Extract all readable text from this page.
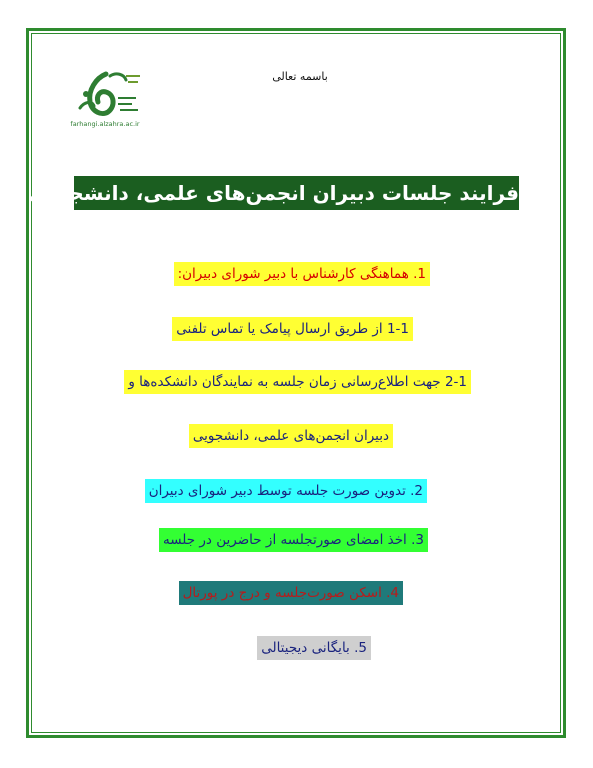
farhangi.alzahra.ac.ir
باسمه تعالی
فرایند جلسات دبیران انجمن‌های علمی، دانشجویی
1. هماهنگی کارشناس با دبیر شورای دبیران:
1-1 از طریق ارسال پیامک یا تماس تلفنی
2-1 جهت اطلاع‌رسانی زمان جلسه به نمایندگان دانشکده‌ها و
دبیران انجمن‌های علمی، دانشجویی
2. تدوین صورت جلسه توسط دبیر شورای دبیران
3. اخذ امضای صورتجلسه از حاضرین در جلسه
4. اسکن صورت‌جلسه و درج در پورتال
5. بایگانی دیجیتالی
